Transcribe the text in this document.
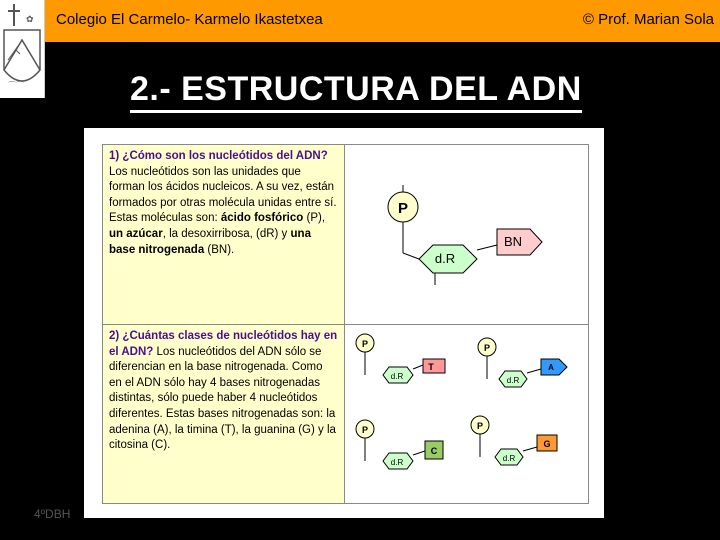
Colegio El Carmelo- Karmelo Ikastetxea	© Prof. Marian Sola
✿
⌒⌒	2.- ESTRUCTURA DEL ADN
1) ¿Cómo son los nucleótidos del ADN? Los nucleótidos son las unidades que forman los ácidos nucleicos. A su vez, están formados por otras molécula unidas entre sí. Estas moléculas son: ácido fosfórico (P), un azúcar, la desoxirribosa, (dR) y una base nitrogenada (BN).
2) ¿Cuántas clases de nucleótidos hay en el ADN? Los nucleótidos del ADN sólo se diferencian en la base nitrogenada. Como en el ADN sólo hay 4 bases nitrogenadas distintas, sólo puede haber 4 nucleótidos diferentes. Estas bases nitrogenadas son: la adenina (A), la timina (T), la guanina (G) y la citosina (C).
P
d.R
BN
P
d.R
T
P
d.R
A
P
d.R
C
P
d.R
G
4ºDBH
